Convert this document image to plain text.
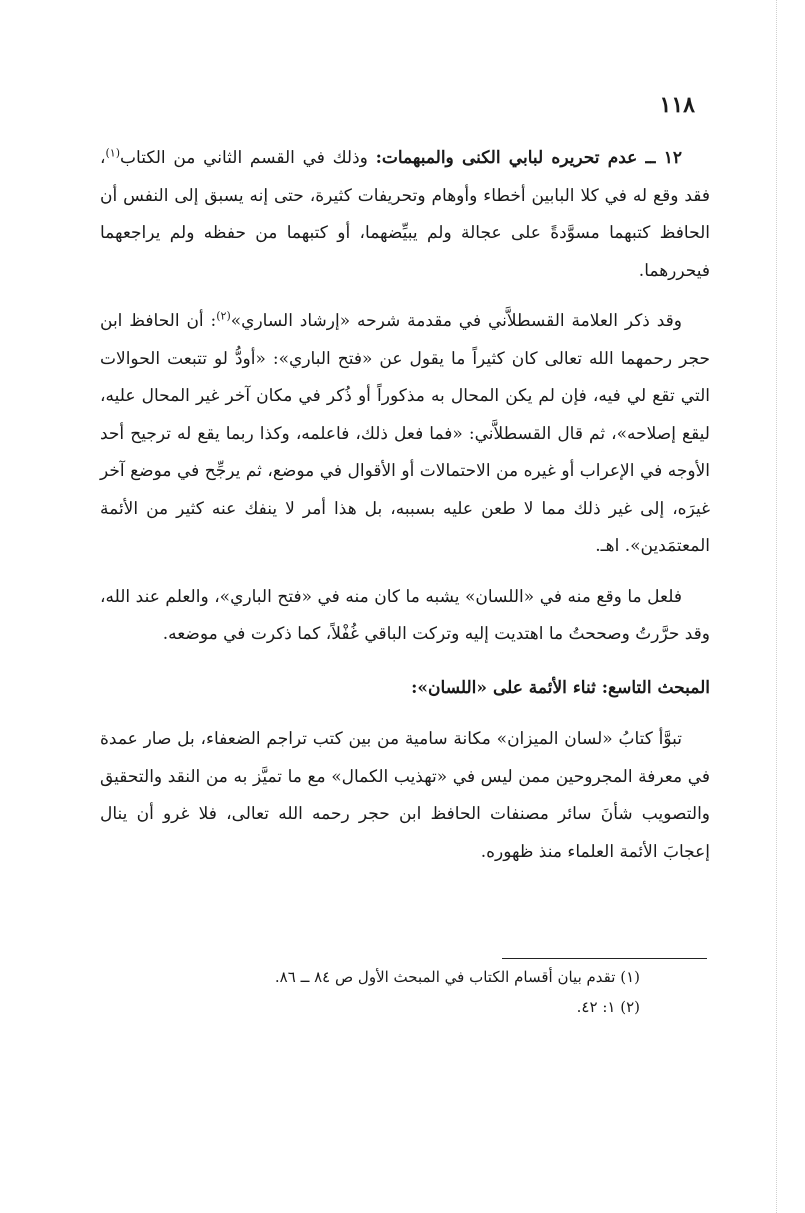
١١٨

١٢ ــ عدم تحريره لبابي الكنى والمبهمات: وذلك في القسم الثاني من الكتاب$^{(١)}$، فقد وقع له في كلا البابين أخطاء وأوهام وتحريفات كثيرة، حتى إنه يسبق إلى النفس أن الحافظ كتبهما مسوَّدةً على عجالة ولم يبيِّضهما، أو كتبهما من حفظه ولم يراجعهما فيحررهما.

وقد ذكر العلامة القسطلاَّني في مقدمة شرحه «إرشاد الساري»$^{(٢)}$: أن الحافظ ابن حجر رحمهما الله تعالى كان كثيراً ما يقول عن «فتح الباري»: «أودُّ لو تتبعت الحوالات التي تقع لي فيه، فإن لم يكن المحال به مذكوراً أو ذُكر في مكان آخر غير المحال عليه، ليقع إصلاحه»، ثم قال القسطلاَّني: «فما فعل ذلك، فاعلمه، وكذا ربما يقع له ترجيح أحد الأوجه في الإعراب أو غيره من الاحتمالات أو الأقوال في موضع، ثم يرجِّح في موضع آخر غيرَه، إلى غير ذلك مما لا طعن عليه بسببه، بل هذا أمر لا ينفك عنه كثير من الأئمة المعتمَدين». اهـ.

فلعل ما وقع منه في «اللسان» يشبه ما كان منه في «فتح الباري»، والعلم عند الله، وقد حرَّرتُ وصححتُ ما اهتديت إليه وتركت الباقي غُفْلاً، كما ذكرت في موضعه.

المبحث التاسع: ثناء الأئمة على «اللسان»:

تبوَّأ كتابُ «لسان الميزان» مكانة سامية من بين كتب تراجم الضعفاء، بل صار عمدة في معرفة المجروحين ممن ليس في «تهذيب الكمال» مع ما تميَّز به من النقد والتحقيق والتصويب شأنَ سائر مصنفات الحافظ ابن حجر رحمه الله تعالى، فلا غرو أن ينال إعجابَ الأئمة العلماء منذ ظهوره.

(١) تقدم بيان أقسام الكتاب في المبحث الأول ص ٨٤ ــ ٨٦.
(٢) ١: ٤٢.
